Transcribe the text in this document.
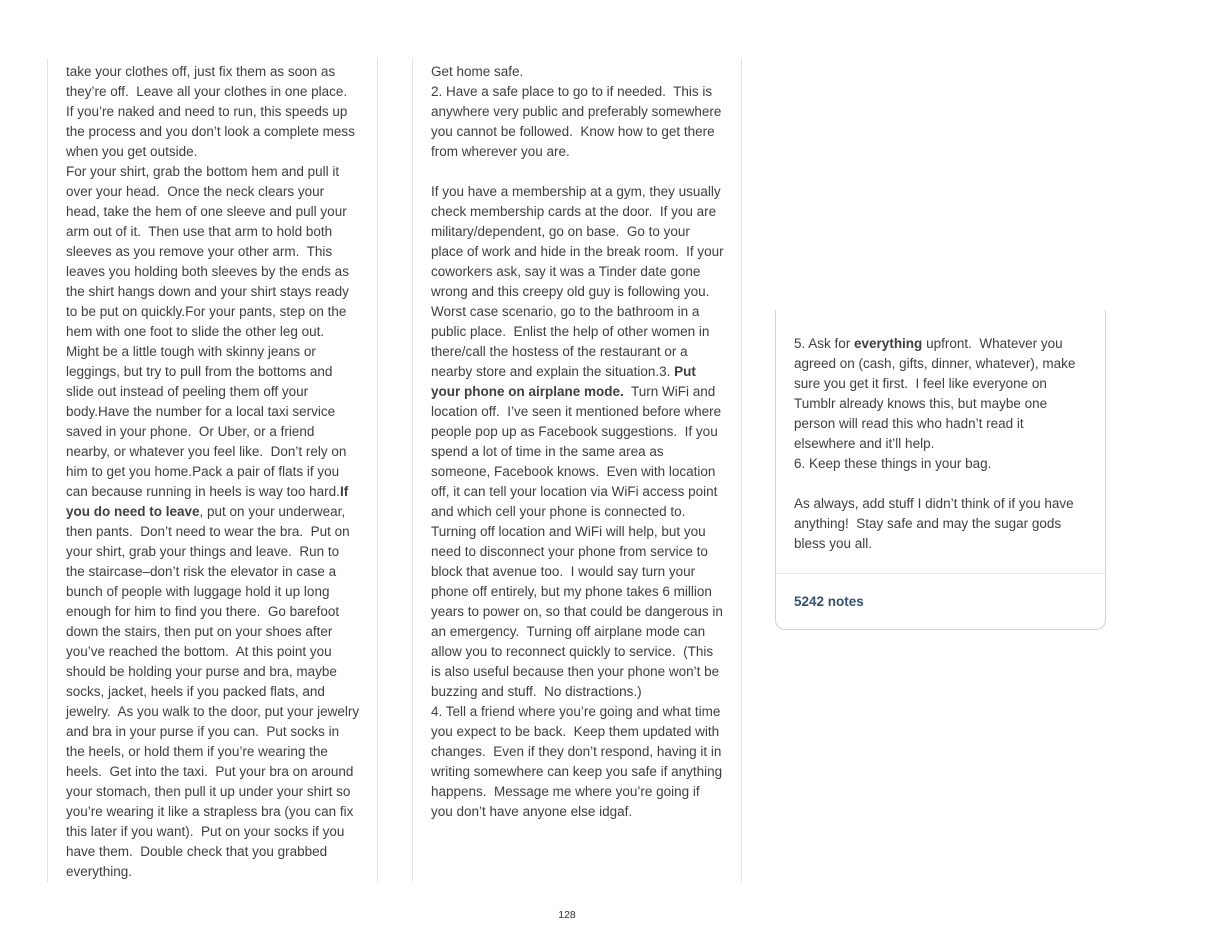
take your clothes off, just fix them as soon as they’re off.  Leave all your clothes in one place.  If you’re naked and need to run, this speeds up the process and you don’t look a complete mess when you get outside.
For your shirt, grab the bottom hem and pull it over your head.  Once the neck clears your head, take the hem of one sleeve and pull your arm out of it.  Then use that arm to hold both sleeves as you remove your other arm.  This leaves you holding both sleeves by the ends as the shirt hangs down and your shirt stays ready to be put on quickly.For your pants, step on the hem with one foot to slide the other leg out.  Might be a little tough with skinny jeans or leggings, but try to pull from the bottoms and slide out instead of peeling them off your body.Have the number for a local taxi service saved in your phone.  Or Uber, or a friend nearby, or whatever you feel like.  Don’t rely on him to get you home.Pack a pair of flats if you can because running in heels is way too hard.If you do need to leave, put on your underwear, then pants.  Don’t need to wear the bra.  Put on your shirt, grab your things and leave.  Run to the staircase–don’t risk the elevator in case a bunch of people with luggage hold it up long enough for him to find you there.  Go barefoot down the stairs, then put on your shoes after you’ve reached the bottom.  At this point you should be holding your purse and bra, maybe socks, jacket, heels if you packed flats, and jewelry.  As you walk to the door, put your jewelry and bra in your purse if you can.  Put socks in the heels, or hold them if you’re wearing the heels.  Get into the taxi.  Put your bra on around your stomach, then pull it up under your shirt so you’re wearing it like a strapless bra (you can fix this later if you want).  Put on your socks if you have them.  Double check that you grabbed everything.
Get home safe.
2. Have a safe place to go to if needed.  This is anywhere very public and preferably somewhere you cannot be followed.  Know how to get there from wherever you are.
If you have a membership at a gym, they usually check membership cards at the door.  If you are military/dependent, go on base.  Go to your place of work and hide in the break room.  If your coworkers ask, say it was a Tinder date gone wrong and this creepy old guy is following you.
Worst case scenario, go to the bathroom in a public place.  Enlist the help of other women in there/call the hostess of the restaurant or a nearby store and explain the situation.3. Put your phone on airplane mode.  Turn WiFi and location off.  I’ve seen it mentioned before where people pop up as Facebook suggestions.  If you spend a lot of time in the same area as someone, Facebook knows.  Even with location off, it can tell your location via WiFi access point and which cell your phone is connected to.  Turning off location and WiFi will help, but you need to disconnect your phone from service to block that avenue too.  I would say turn your phone off entirely, but my phone takes 6 million years to power on, so that could be dangerous in an emergency.  Turning off airplane mode can allow you to reconnect quickly to service.  (This is also useful because then your phone won’t be buzzing and stuff.  No distractions.)
4. Tell a friend where you’re going and what time you expect to be back.  Keep them updated with changes.  Even if they don’t respond, having it in writing somewhere can keep you safe if anything happens.  Message me where you’re going if you don’t have anyone else idgaf.
5. Ask for everything upfront.  Whatever you agreed on (cash, gifts, dinner, whatever), make sure you get it first.  I feel like everyone on Tumblr already knows this, but maybe one person will read this who hadn’t read it elsewhere and it’ll help.
6. Keep these things in your bag.
As always, add stuff I didn’t think of if you have anything!  Stay safe and may the sugar gods bless you all.
5242 notes
128
